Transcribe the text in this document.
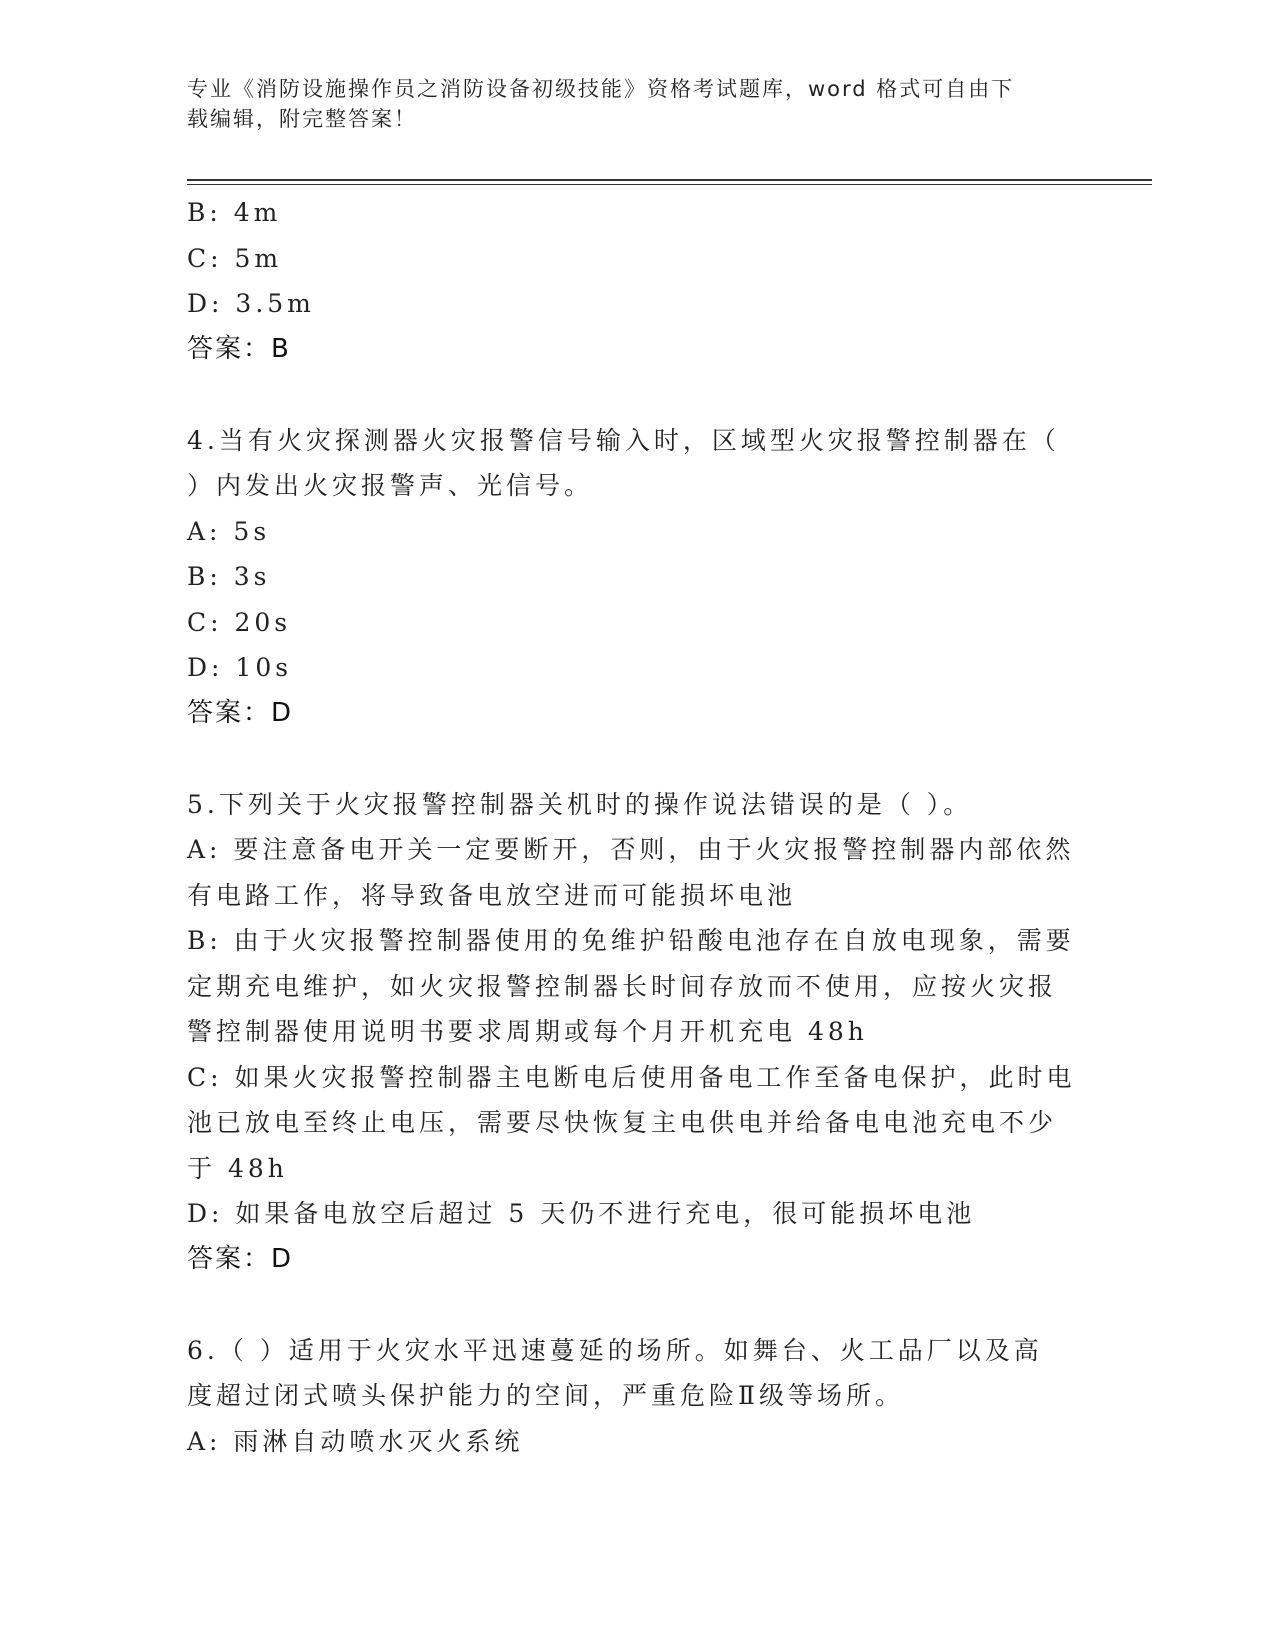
专业《消防设施操作员之消防设备初级技能》资格考试题库，word 格式可自由下
载编辑，附完整答案！
B: 4m
C: 5m
D: 3.5m
答案：B
4.当有火灾探测器火灾报警信号输入时，区域型火灾报警控制器在（
）内发出火灾报警声、光信号。
A: 5s
B: 3s
C: 20s
D: 10s
答案：D
5.下列关于火灾报警控制器关机时的操作说法错误的是（ ）。
A: 要注意备电开关一定要断开，否则，由于火灾报警控制器内部依然
有电路工作，将导致备电放空进而可能损坏电池
B: 由于火灾报警控制器使用的免维护铅酸电池存在自放电现象，需要
定期充电维护，如火灾报警控制器长时间存放而不使用，应按火灾报
警控制器使用说明书要求周期或每个月开机充电 48h
C: 如果火灾报警控制器主电断电后使用备电工作至备电保护，此时电
池已放电至终止电压，需要尽快恢复主电供电并给备电电池充电不少
于 48h
D: 如果备电放空后超过 5 天仍不进行充电，很可能损坏电池
答案：D
6.（ ）适用于火灾水平迅速蔓延的场所。如舞台、火工品厂以及高
度超过闭式喷头保护能力的空间，严重危险Ⅱ级等场所。
A: 雨淋自动喷水灭火系统
